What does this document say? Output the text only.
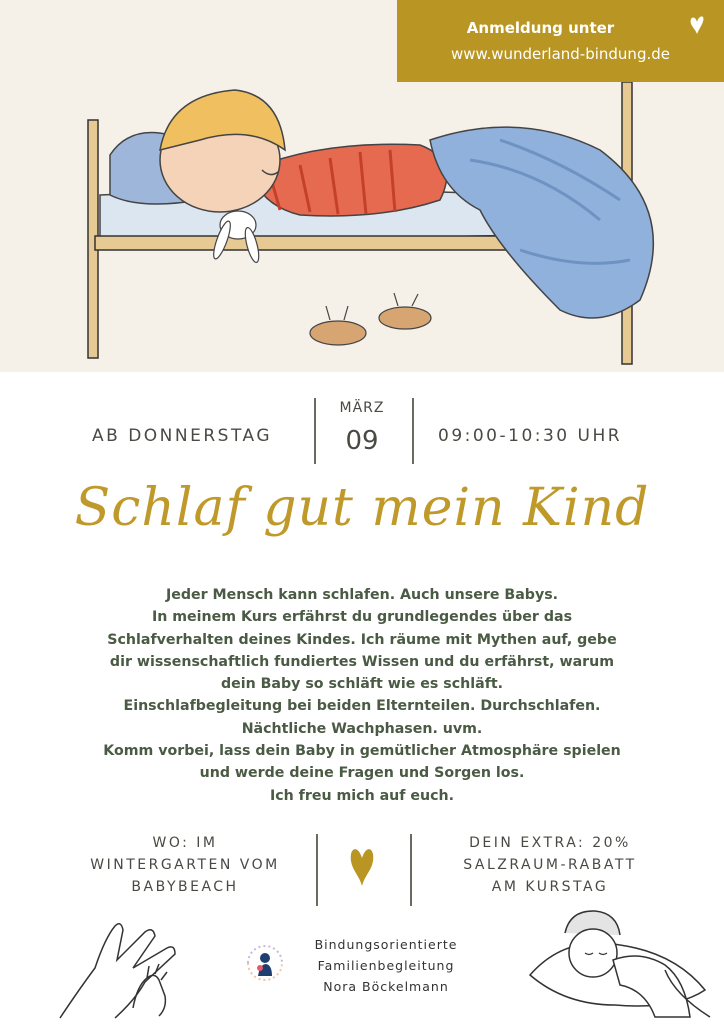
Anmeldung unter
www.wunderland-bindung.de
AB DONNERSTAG
MÄRZ
09	09:00-10:30 UHR
Schlaf gut mein Kind
Jeder Mensch kann schlafen. Auch unsere Babys.
In meinem Kurs erfährst du grundlegendes über das
Schlafverhalten deines Kindes. Ich räume mit Mythen auf, gebe
dir wissenschaftlich fundiertes Wissen und du erfährst, warum
dein Baby so schläft wie es schläft.
Einschlafbegleitung bei beiden Elternteilen. Durchschlafen.
Nächtliche Wachphasen. uvm.
Komm vorbei, lass dein Baby in gemütlicher Atmosphäre spielen
und werde deine Fragen und Sorgen los.
Ich freu mich auf euch.
WO: IM
WINTERGARTEN VOM
BABYBEACH
DEIN EXTRA: 20%
SALZRAUM-RABATT
AM KURSTAG
Bindungsorientierte
Familienbegleitung
Nora Böckelmann
